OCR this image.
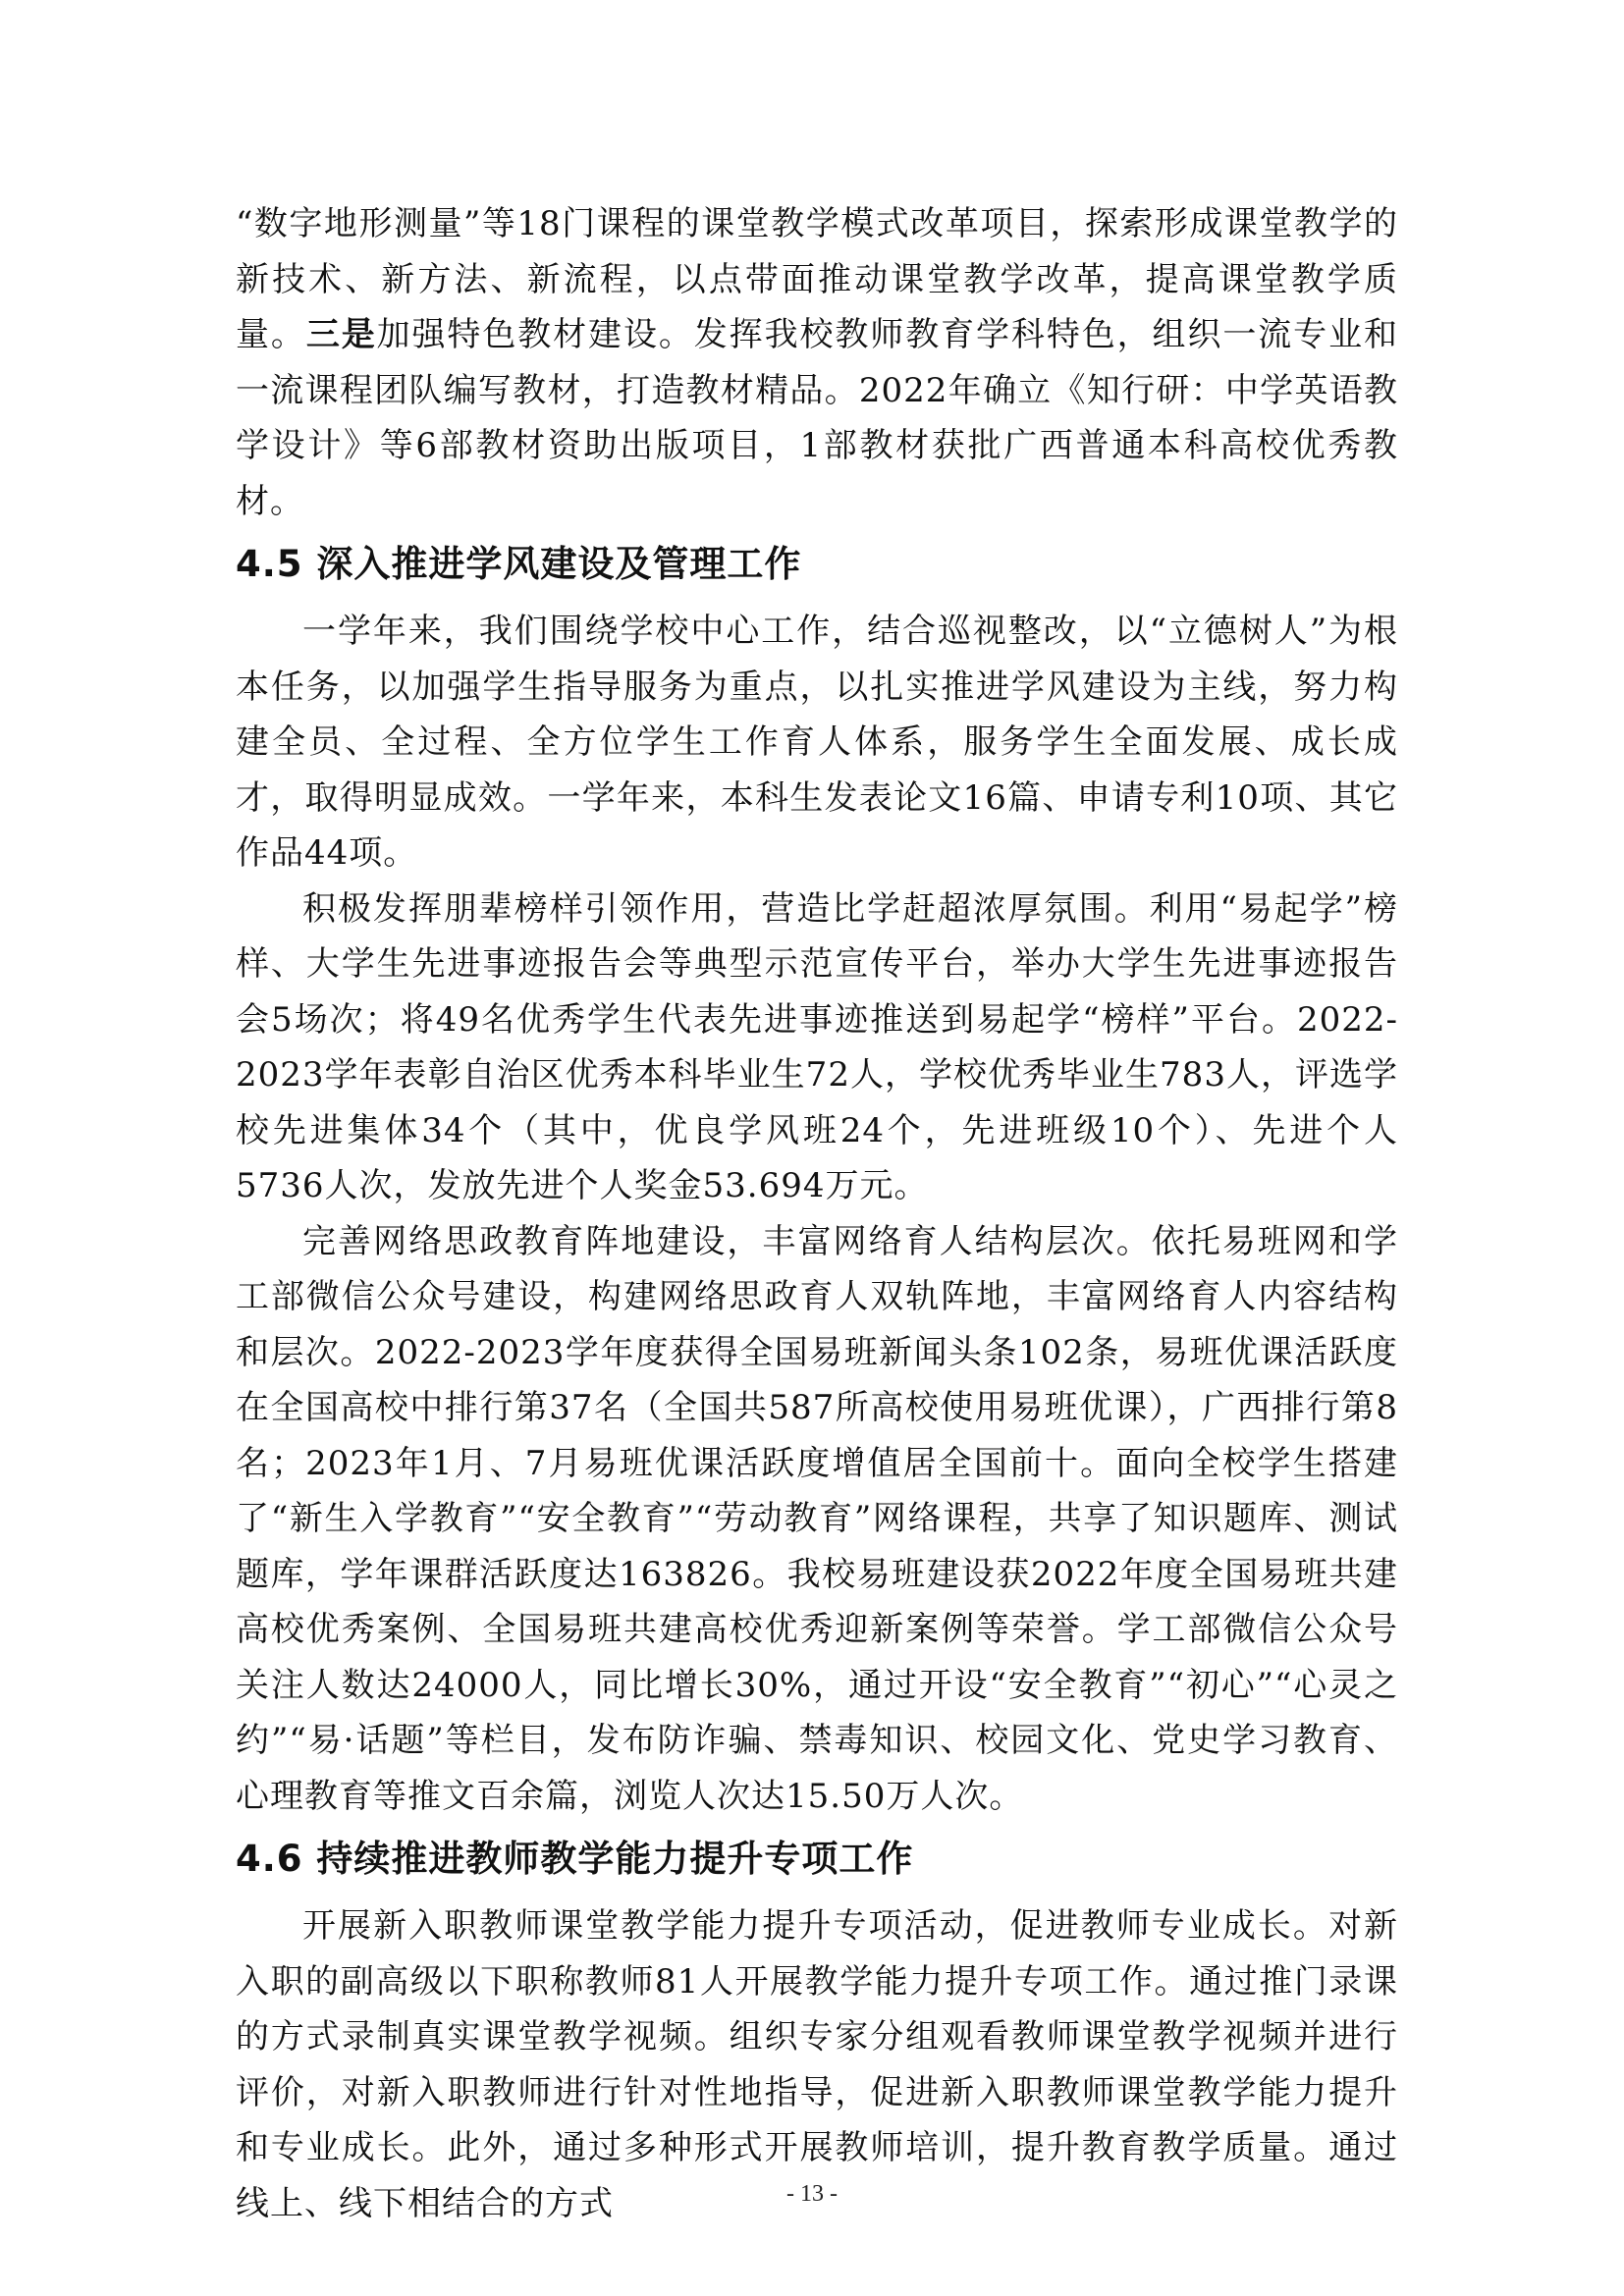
“数字地形测量”等18门课程的课堂教学模式改革项目，探索形成课堂教学的新技术、新方法、新流程，以点带面推动课堂教学改革，提高课堂教学质量。三是加强特色教材建设。发挥我校教师教育学科特色，组织一流专业和一流课程团队编写教材，打造教材精品。2022年确立《知行研：中学英语教学设计》等6部教材资助出版项目，1部教材获批广西普通本科高校优秀教材。

4.5 深入推进学风建设及管理工作

一学年来，我们围绕学校中心工作，结合巡视整改，以“立德树人”为根本任务，以加强学生指导服务为重点，以扎实推进学风建设为主线，努力构建全员、全过程、全方位学生工作育人体系，服务学生全面发展、成长成才，取得明显成效。一学年来，本科生发表论文16篇、申请专利10项、其它作品44项。

积极发挥朋辈榜样引领作用，营造比学赶超浓厚氛围。利用“易起学”榜样、大学生先进事迹报告会等典型示范宣传平台，举办大学生先进事迹报告会5场次；将49名优秀学生代表先进事迹推送到易起学“榜样”平台。2022-2023学年表彰自治区优秀本科毕业生72人，学校优秀毕业生783人，评选学校先进集体34个（其中，优良学风班24个，先进班级10个）、先进个人5736人次，发放先进个人奖金53.694万元。

完善网络思政教育阵地建设，丰富网络育人结构层次。依托易班网和学工部微信公众号建设，构建网络思政育人双轨阵地，丰富网络育人内容结构和层次。2022-2023学年度获得全国易班新闻头条102条，易班优课活跃度在全国高校中排行第37名（全国共587所高校使用易班优课），广西排行第8名；2023年1月、7月易班优课活跃度增值居全国前十。面向全校学生搭建了“新生入学教育”“安全教育”“劳动教育”网络课程，共享了知识题库、测试题库，学年课群活跃度达163826。我校易班建设获2022年度全国易班共建高校优秀案例、全国易班共建高校优秀迎新案例等荣誉。学工部微信公众号关注人数达24000人，同比增长30%，通过开设“安全教育”“初心”“心灵之约”“易·话题”等栏目，发布防诈骗、禁毒知识、校园文化、党史学习教育、心理教育等推文百余篇，浏览人次达15.50万人次。

4.6 持续推进教师教学能力提升专项工作

开展新入职教师课堂教学能力提升专项活动，促进教师专业成长。对新入职的副高级以下职称教师81人开展教学能力提升专项工作。通过推门录课的方式录制真实课堂教学视频。组织专家分组观看教师课堂教学视频并进行评价，对新入职教师进行针对性地指导，促进新入职教师课堂教学能力提升和专业成长。此外，通过多种形式开展教师培训，提升教育教学质量。通过线上、线下相结合的方式	- 13 -
